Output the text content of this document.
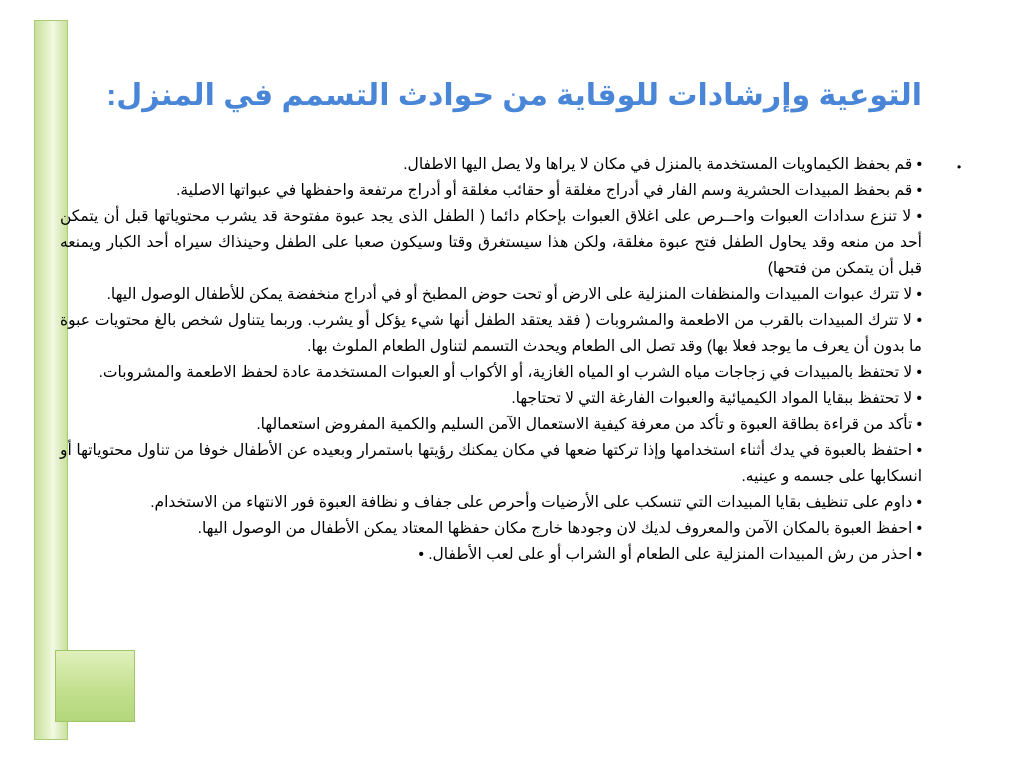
التوعية وإرشادات للوقاية من حوادث التسمم في المنزل:
•

• قم بحفظ الكيماويات المستخدمة بالمنزل في مكان لا يراها ولا يصل اليها الاطفال.

• قم بحفظ المبيدات الحشرية وسم الفار في أدراج مغلقة أو حقائب مغلقة أو أدراج مرتفعة واحفظها في عبواتها الاصلية.

• لا تنزع سدادات العبوات واحــرص على اغلاق العبوات بإحكام دائما ( الطفل الذى يجد عبوة مفتوحة قد يشرب محتوياتها قبل أن يتمكن أحد من منعه وقد يحاول الطفل فتح عبوة مغلقة، ولكن هذا سيستغرق وقتا وسيكون صعبا على الطفل وحينذاك سيراه أحد الكبار ويمنعه قبل أن يتمكن من فتحها)

• لا تترك عبوات المبيدات والمنظفات المنزلية على الارض أو تحت حوض المطبخ أو في أدراج منخفضة يمكن للأطفال الوصول اليها.

• لا تترك المبيدات بالقرب من الاطعمة والمشروبات ( فقد يعتقد الطفل أنها شيء يؤكل أو يشرب. وربما يتناول شخص بالغ محتويات عبوة ما بدون أن يعرف ما يوجد فعلا بها) وقد تصل الى الطعام ويحدث التسمم لتناول الطعام الملوث بها.

• لا تحتفظ بالمبيدات في زجاجات مياه الشرب او المياه الغازية، أو الأكواب أو العبوات المستخدمة عادة لحفظ الاطعمة والمشروبات.

• لا تحتفظ ببقايا المواد الكيميائية والعبوات الفارغة التي لا تحتاجها.

• تأكد من قراءة بطاقة العبوة و تأكد من معرفة كيفية الاستعمال الآمن السليم والكمية المفروض استعمالها.

• احتفظ بالعبوة في يدك أثناء استخدامها وإذا تركتها ضعها في مكان يمكنك رؤيتها باستمرار وبعيده عن الأطفال خوفا من تناول محتوياتها أو انسكابها على جسمه و عينيه.

• داوم على تنظيف بقايا المبيدات التي تنسكب على الأرضيات وأحرص على جفاف و نظافة العبوة فور الانتهاء من الاستخدام.

• احفظ العبوة بالمكان الآمن والمعروف لديك لان وجودها خارج مكان حفظها المعتاد يمكن الأطفال من الوصول اليها.

• احذر من رش المبيدات المنزلية على الطعام أو الشراب أو على لعب الأطفال. •
